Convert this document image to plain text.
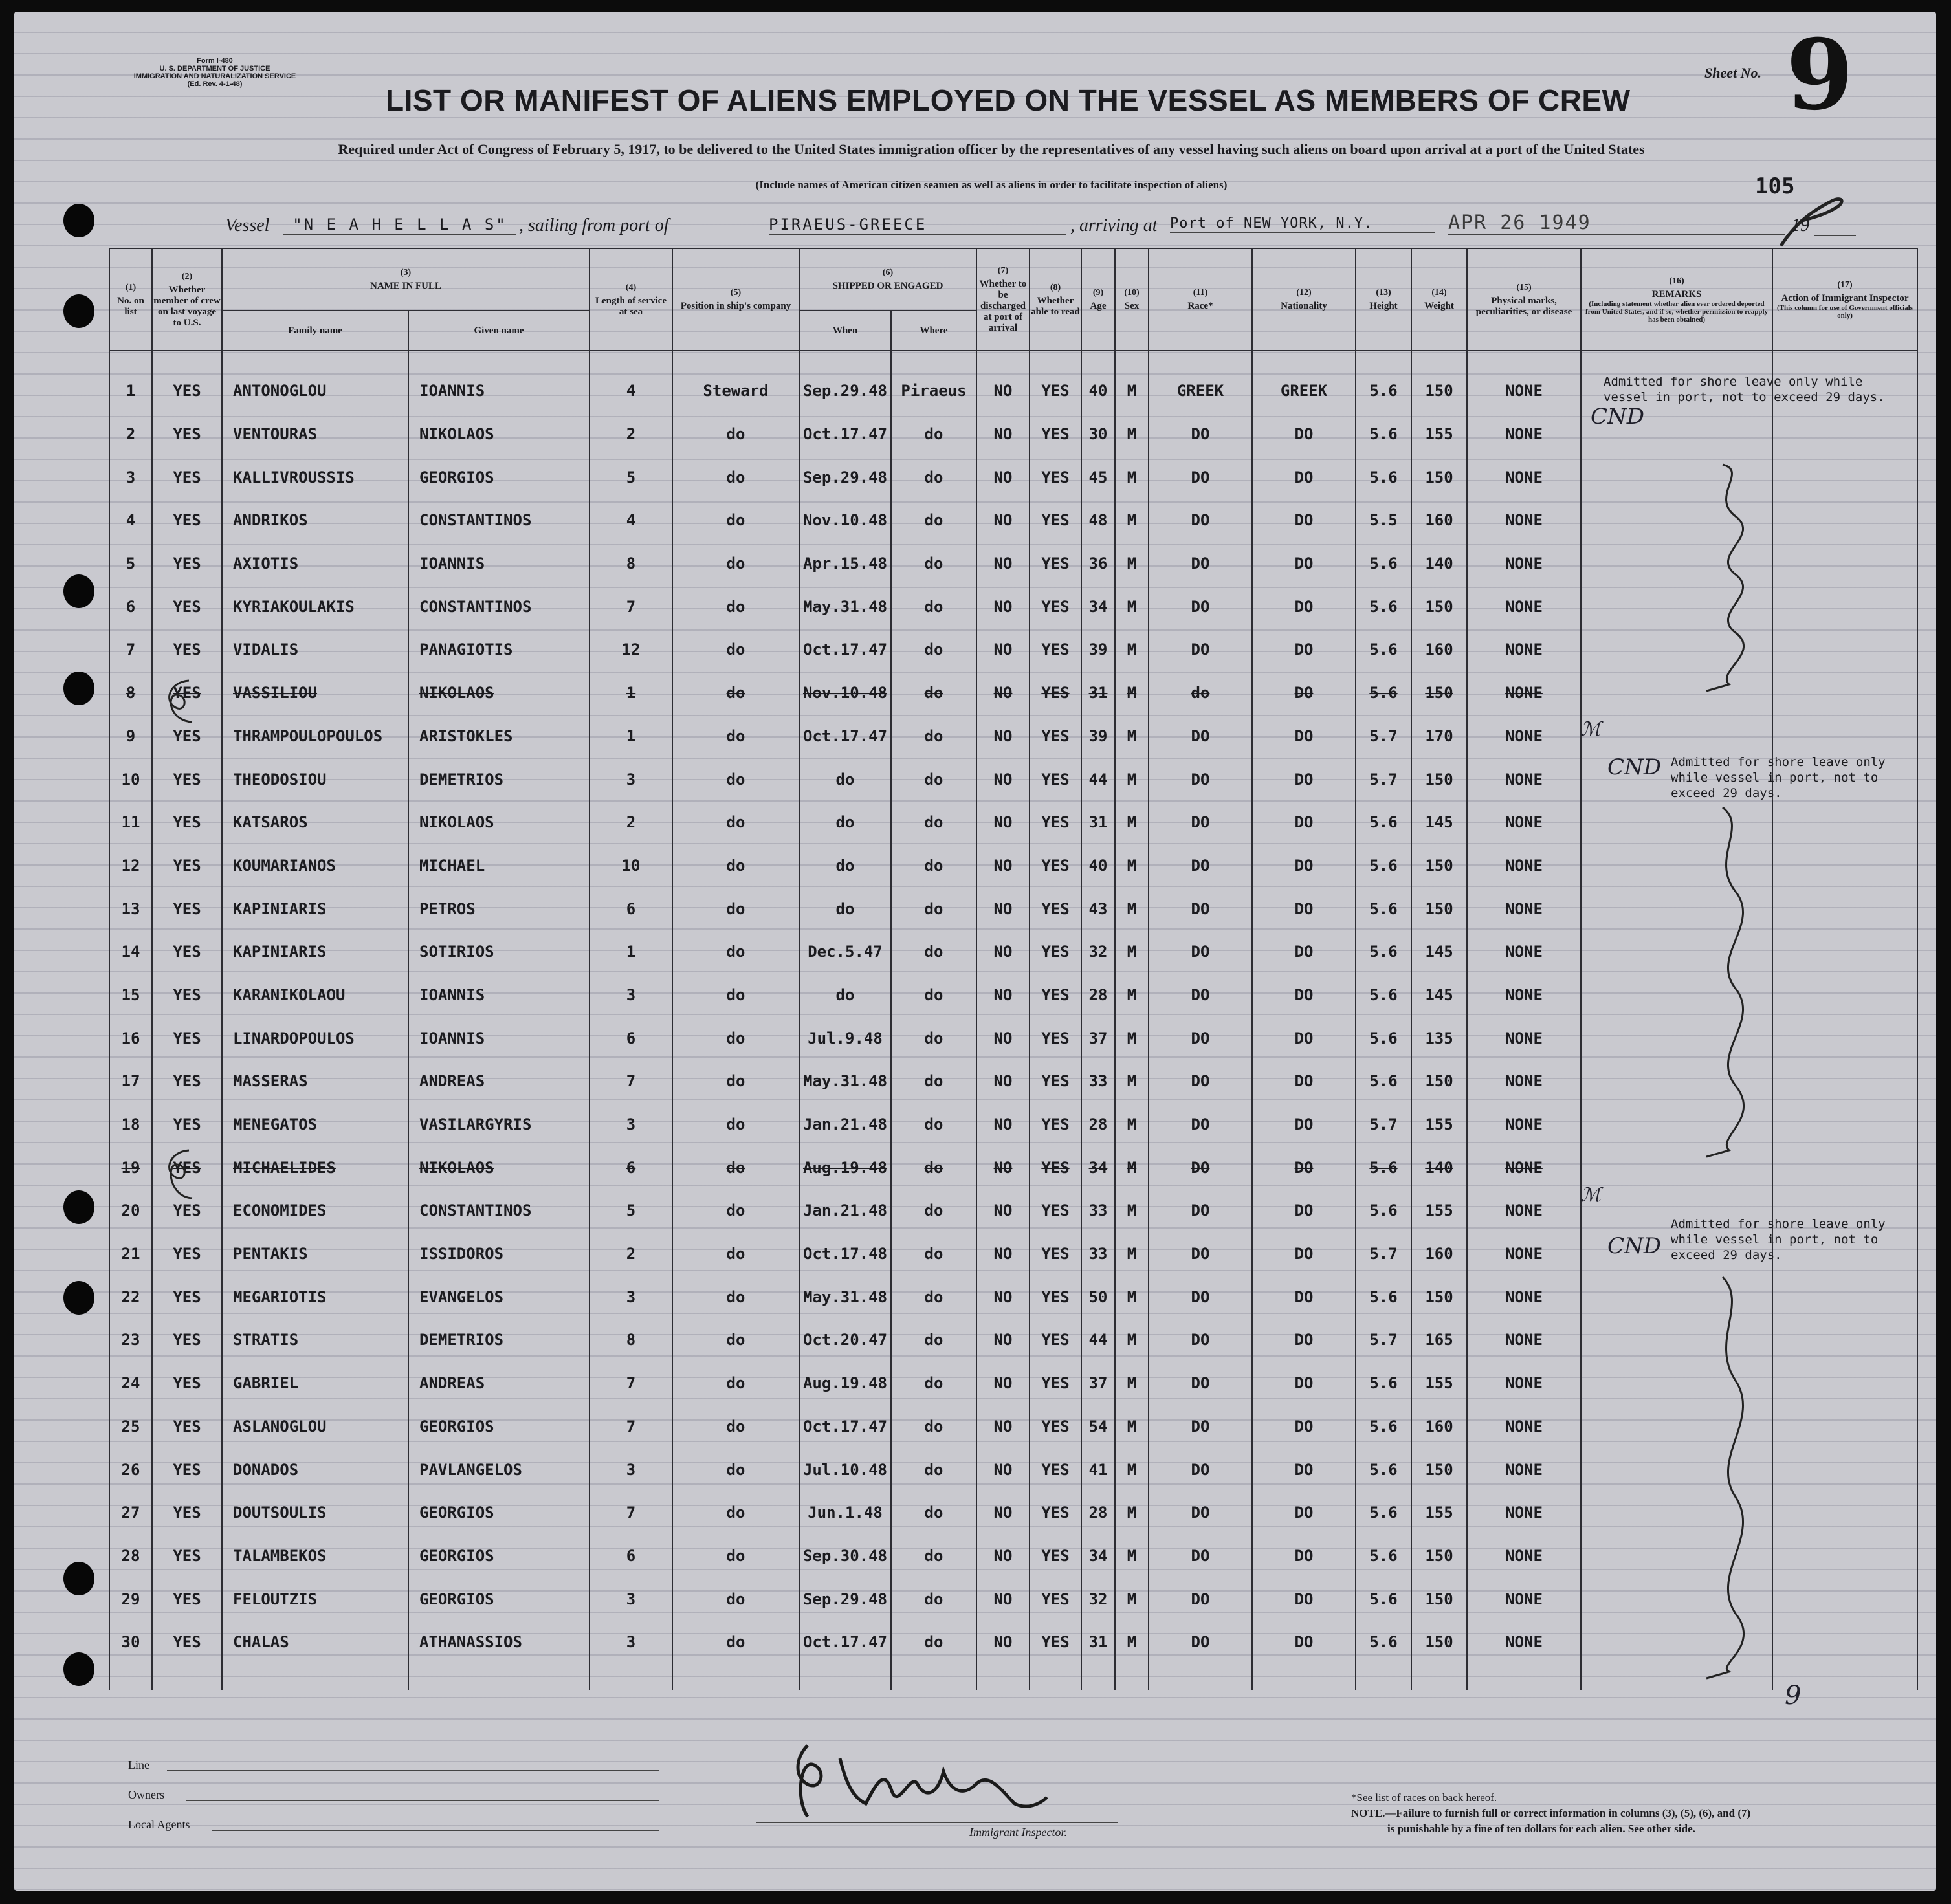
Form I-480
U. S. DEPARTMENT OF JUSTICE
IMMIGRATION AND NATURALIZATION SERVICE
(Ed. Rev. 4-1-48)
Sheet No. 9
LIST OR MANIFEST OF ALIENS EMPLOYED ON THE VESSEL AS MEMBERS OF CREW
Required under Act of Congress of February 5, 1917, to be delivered to the United States immigration officer by the representatives of any vessel having such aliens on board upon arrival at a port of the United States
(Include names of American citizen seamen as well as aliens in order to facilitate inspection of aliens)	105
Vessel	"N E A H E L L A S" , sailing from port of	PIRAEUS-GREECE	, arriving at Port of NEW YORK, N.Y.	APR 26 1949	19
(1)
No. on list	(2)
Whether member of crew on last voyage to U.S.	(3)
NAME IN FULL		(4)
Length of service at sea	(5)
Position in ship's company	(6)
SHIPPED OR ENGAGED		(7)
Whether to be discharged at port of arrival	(8)
Whether able to read	(9)
Age	(10)
Sex	(11)
Race*	(12)
Nationality	(13)
Height	(14)
Weight	(15)
Physical marks, peculiarities, or disease	(16)
REMARKS

(Including statement whether alien ever ordered deported from United States, and if so, whether permission to reapply has been obtained)	(17)
Action of Immigrant Inspector

(This column for use of Government officials only)

		Family name	Given name			When	Where											

1	YES	ANTONOGLOU	IOANNIS	4	Steward	Sep.29.48	Piraeus	NO	YES	40	M	GREEK	GREEK	5.6	150	NONE		
2	YES	VENTOURAS	NIKOLAOS	2	do	Oct.17.47	do	NO	YES	30	M	DO	DO	5.6	155	NONE		
3	YES	KALLIVROUSSIS	GEORGIOS	5	do	Sep.29.48	do	NO	YES	45	M	DO	DO	5.6	150	NONE		
4	YES	ANDRIKOS	CONSTANTINOS	4	do	Nov.10.48	do	NO	YES	48	M	DO	DO	5.5	160	NONE		
5	YES	AXIOTIS	IOANNIS	8	do	Apr.15.48	do	NO	YES	36	M	DO	DO	5.6	140	NONE		
6	YES	KYRIAKOULAKIS	CONSTANTINOS	7	do	May.31.48	do	NO	YES	34	M	DO	DO	5.6	150	NONE		
7	YES	VIDALIS	PANAGIOTIS	12	do	Oct.17.47	do	NO	YES	39	M	DO	DO	5.6	160	NONE		
8	YES	VASSILIOU	NIKOLAOS	1	do	Nov.10.48	do	NO	YES	31	M	do	DO	5.6	150	NONE		
9	YES	THRAMPOULOPOULOS	ARISTOKLES	1	do	Oct.17.47	do	NO	YES	39	M	DO	DO	5.7	170	NONE		
10	YES	THEODOSIOU	DEMETRIOS	3	do	do	do	NO	YES	44	M	DO	DO	5.7	150	NONE		
11	YES	KATSAROS	NIKOLAOS	2	do	do	do	NO	YES	31	M	DO	DO	5.6	145	NONE		
12	YES	KOUMARIANOS	MICHAEL	10	do	do	do	NO	YES	40	M	DO	DO	5.6	150	NONE		
13	YES	KAPINIARIS	PETROS	6	do	do	do	NO	YES	43	M	DO	DO	5.6	150	NONE		
14	YES	KAPINIARIS	SOTIRIOS	1	do	Dec.5.47	do	NO	YES	32	M	DO	DO	5.6	145	NONE		
15	YES	KARANIKOLAOU	IOANNIS	3	do	do	do	NO	YES	28	M	DO	DO	5.6	145	NONE		
16	YES	LINARDOPOULOS	IOANNIS	6	do	Jul.9.48	do	NO	YES	37	M	DO	DO	5.6	135	NONE		
17	YES	MASSERAS	ANDREAS	7	do	May.31.48	do	NO	YES	33	M	DO	DO	5.6	150	NONE		
18	YES	MENEGATOS	VASILARGYRIS	3	do	Jan.21.48	do	NO	YES	28	M	DO	DO	5.7	155	NONE		
19	YES	MICHAELIDES	NIKOLAOS	6	do	Aug.19.48	do	NO	YES	34	M	DO	DO	5.6	140	NONE		
20	YES	ECONOMIDES	CONSTANTINOS	5	do	Jan.21.48	do	NO	YES	33	M	DO	DO	5.6	155	NONE		
21	YES	PENTAKIS	ISSIDOROS	2	do	Oct.17.48	do	NO	YES	33	M	DO	DO	5.7	160	NONE		
22	YES	MEGARIOTIS	EVANGELOS	3	do	May.31.48	do	NO	YES	50	M	DO	DO	5.6	150	NONE		
23	YES	STRATIS	DEMETRIOS	8	do	Oct.20.47	do	NO	YES	44	M	DO	DO	5.7	165	NONE		
24	YES	GABRIEL	ANDREAS	7	do	Aug.19.48	do	NO	YES	37	M	DO	DO	5.6	155	NONE		
25	YES	ASLANOGLOU	GEORGIOS	7	do	Oct.17.47	do	NO	YES	54	M	DO	DO	5.6	160	NONE		
26	YES	DONADOS	PAVLANGELOS	3	do	Jul.10.48	do	NO	YES	41	M	DO	DO	5.6	150	NONE		
27	YES	DOUTSOULIS	GEORGIOS	7	do	Jun.1.48	do	NO	YES	28	M	DO	DO	5.6	155	NONE		
28	YES	TALAMBEKOS	GEORGIOS	6	do	Sep.30.48	do	NO	YES	34	M	DO	DO	5.6	150	NONE		
29	YES	FELOUTZIS	GEORGIOS	3	do	Sep.29.48	do	NO	YES	32	M	DO	DO	5.6	150	NONE		
30	YES	CHALAS	ATHANASSIOS	3	do	Oct.17.47	do	NO	YES	31	M	DO	DO	5.6	150	NONE		

Admitted for shore leave only while vessel in port, not to exceed 29 days.
CND
Admitted for shore leave only while vessel in port, not to exceed 29 days.
CND
Admitted for shore leave only while vessel in port, not to exceed 29 days.
CND
ℳ
ℳ
9
Line
Owners
Local Agents
Immigrant Inspector.
*See list of races on back hereof.
NOTE.—Failure to furnish full or correct information in columns (3), (5), (6), and (7)
is punishable by a fine of ten dollars for each alien. See other side.
